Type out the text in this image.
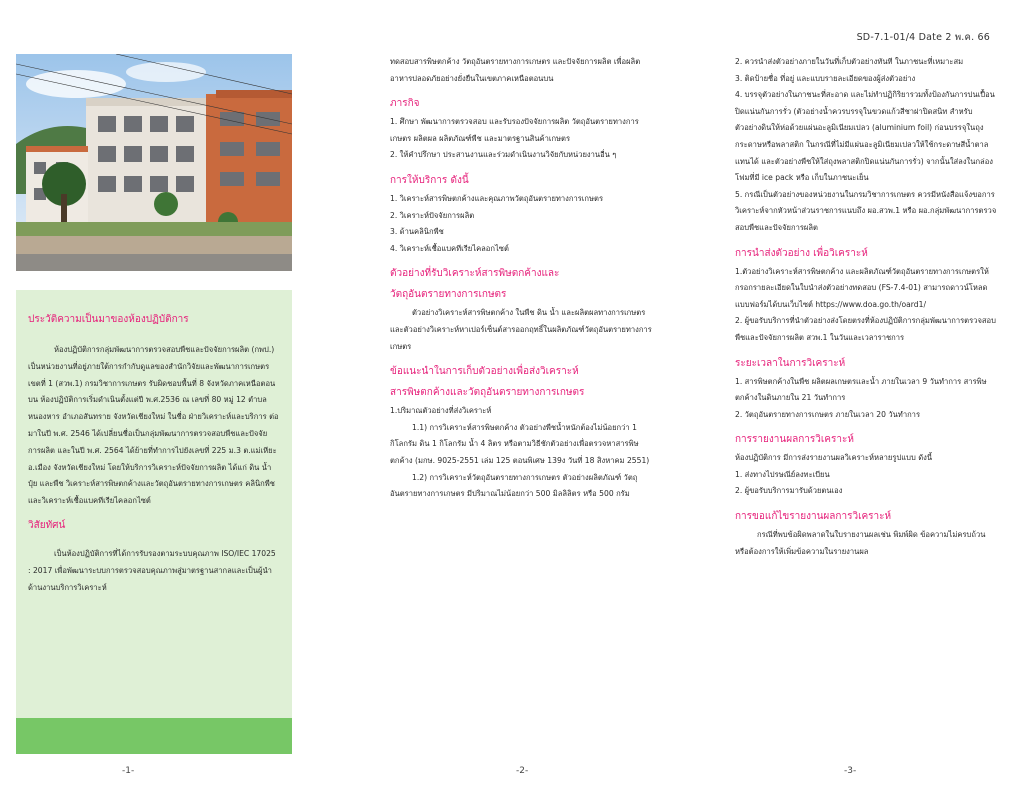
SD-7.1-01/4 Date 2 พ.ค. 66
ประวัติความเป็นมาของห้องปฏิบัติการ

ห้องปฏิบัติการกลุ่มพัฒนาการตรวจสอบพืชและปัจจัยการผลิต (กพป.) เป็นหน่วยงานที่อยู่ภายใต้การกำกับดูแลของสำนักวิจัยและพัฒนาการเกษตร เขตที่ 1 (สวพ.1) กรมวิชาการเกษตร รับผิดชอบพื้นที่ 8 จังหวัดภาคเหนือตอนบน ห้องปฏิบัติการเริ่มดำเนินตั้งแต่ปี พ.ศ.2536 ณ เลขที่ 80 หมู่ 12 ตำบลหนองหาร อำเภอสันทราย จังหวัดเชียงใหม่ ในชื่อ ฝ่ายวิเคราะห์และบริการ ต่อมาในปี พ.ศ. 2546 ได้เปลี่ยนชื่อเป็นกลุ่มพัฒนาการตรวจสอบพืชและปัจจัยการผลิต และในปี พ.ศ. 2564 ได้ย้ายที่ทำการไปยังเลขที่ 225 ม.3 ต.แม่เหียะ อ.เมือง จังหวัดเชียงใหม่ โดยให้บริการวิเคราะห์ปัจจัยการผลิต ได้แก่ ดิน น้ำ ปุ๋ย และพืช วิเคราะห์สารพิษตกค้างและวัตถุอันตรายทางการเกษตร คลินิกพืช และวิเคราะห์เชื้อแบคทีเรียไคลอกไซต์

วิสัยทัศน์

เป็นห้องปฏิบัติการที่ได้การรับรองตามระบบคุณภาพ ISO/IEC 17025 : 2017 เพื่อพัฒนาระบบการตรวจสอบคุณภาพสู่มาตรฐานสากลและเป็นผู้นำด้านงานบริการวิเคราะห์

ทดสอบสารพิษตกค้าง วัตถุอันตรายทางการเกษตร และปัจจัยการผลิต เพื่อผลิตอาหารปลอดภัยอย่างยั่งยืนในเขตภาคเหนือตอนบน

ภารกิจ

1. ศึกษา พัฒนาการตรวจสอบ และรับรองปัจจัยการผลิต วัตถุอันตรายทางการเกษตร ผลิตผล ผลิตภัณฑ์พืช และมาตรฐานสินค้าเกษตร

2. ให้คำปรึกษา ประสานงานและร่วมดำเนินงานวิจัยกับหน่วยงานอื่น ๆ

การให้บริการ ดังนี้

1. วิเคราะห์สารพิษตกค้างและคุณภาพวัตถุอันตรายทางการเกษตร

2. วิเคราะห์ปัจจัยการผลิต

3. ด้านคลินิกพืช

4. วิเคราะห์เชื้อแบคทีเรียไคลอกไซต์

ตัวอย่างที่รับวิเคราะห์สารพิษตกค้างและ
วัตถุอันตรายทางการเกษตร

ตัวอย่างวิเคราะห์สารพิษตกค้าง ในพืช ดิน น้ำ และผลิตผลทางการเกษตรและตัวอย่างวิเคราะห์หาเปอร์เซ็นต์สารออกฤทธิ์ในผลิตภัณฑ์วัตถุอันตรายทางการเกษตร

ข้อแนะนำในการเก็บตัวอย่างเพื่อส่งวิเคราะห์
สารพิษตกค้างและวัตถุอันตรายทางการเกษตร

1.ปริมาณตัวอย่างที่ส่งวิเคราะห์

1.1) การวิเคราะห์สารพิษตกค้าง ตัวอย่างพืชน้ำหนักต้องไม่น้อยกว่า 1 กิโลกรัม ดิน 1 กิโลกรัม น้ำ 4 ลิตร หรือตามวิธีชักตัวอย่างเพื่อตรวจหาสารพิษตกค้าง (มกษ. 9025-2551 เล่ม 125 ตอนพิเศษ 139ง วันที่ 18 สิงหาคม 2551)

1.2) การวิเคราะห์วัตถุอันตรายทางการเกษตร ตัวอย่างผลิตภัณฑ์ วัตถุอันตรายทางการเกษตร มีปริมาณไม่น้อยกว่า 500 มิลลิลิตร หรือ 500 กรัม

2. ควรนำส่งตัวอย่างภายในวันที่เก็บตัวอย่างทันที ในภาชนะที่เหมาะสม

3. ติดป้ายชื่อ ที่อยู่ และแบบรายละเอียดของผู้ส่งตัวอย่าง

4. บรรจุตัวอย่างในภาชนะที่สะอาด และไม่ทำปฏิกิริยารวมทั้งป้องกันการปนเปื้อน ปิดแน่นกันการรั่ว (ตัวอย่างน้ำควรบรรจุในขวดแก้วสีชาฝาปิดสนิท สำหรับตัวอย่างดินให้ห่อด้วยแผ่นอะลูมิเนียมเปลว (aluminium foil) ก่อนบรรจุในถุงกระดาษหรือพลาสติก ในกรณีที่ไม่มีแผ่นอะลูมิเนียมเปลวให้ใช้กระดาษสีน้ำตาลแทนได้ และตัวอย่างพืชให้ใส่ถุงพลาสติกปิดแน่นกันการรั่ว) จากนั้นใส่ลงในกล่องโฟมที่มี ice pack หรือ เก็บในภาชนะเย็น

5. กรณีเป็นตัวอย่างของหน่วยงานในกรมวิชาการเกษตร ควรมีหนังสือแจ้งขอการวิเคราะห์จากหัวหน้าส่วนราชการแนบถึง ผอ.สวพ.1 หรือ ผอ.กลุ่มพัฒนาการตรวจสอบพืชและปัจจัยการผลิต

การนำส่งตัวอย่าง เพื่อวิเคราะห์

1.ตัวอย่างวิเคราะห์สารพิษตกค้าง และผลิตภัณฑ์วัตถุอันตรายทางการเกษตรให้กรอกรายละเอียดในใบนำส่งตัวอย่างทดสอบ (FS-7.4-01) สามารถดาวน์โหลดแบบฟอร์มได้บนเว็บไซต์ https://www.doa.go.th/oard1/

2. ผู้ขอรับบริการที่นำตัวอย่างส่งโดยตรงที่ห้องปฏิบัติการกลุ่มพัฒนาการตรวจสอบพืชและปัจจัยการผลิต สวพ.1 ในวันและเวลาราชการ

ระยะเวลาในการวิเคราะห์

1. สารพิษตกค้างในพืช ผลิตผลเกษตรและน้ำ ภายในเวลา 9 วันทำการ สารพิษตกค้างในดินภายใน 21 วันทำการ

2. วัตถุอันตรายทางการเกษตร ภายในเวลา 20 วันทำการ

การรายงานผลการวิเคราะห์

ห้องปฏิบัติการ มีการส่งรายงานผลวิเคราะห์หลายรูปแบบ ดังนี้

1. ส่งทางไปรษณีย์ลงทะเบียน

2. ผู้ขอรับบริการมารับด้วยตนเอง

การขอแก้ไขรายงานผลการวิเคราะห์

กรณีที่พบข้อผิดพลาดในใบรายงานผลเช่น พิมพ์ผิด ข้อความไม่ครบถ้วน หรือต้องการให้เพิ่มข้อความในรายงานผล

-1-	-2-	-3-
